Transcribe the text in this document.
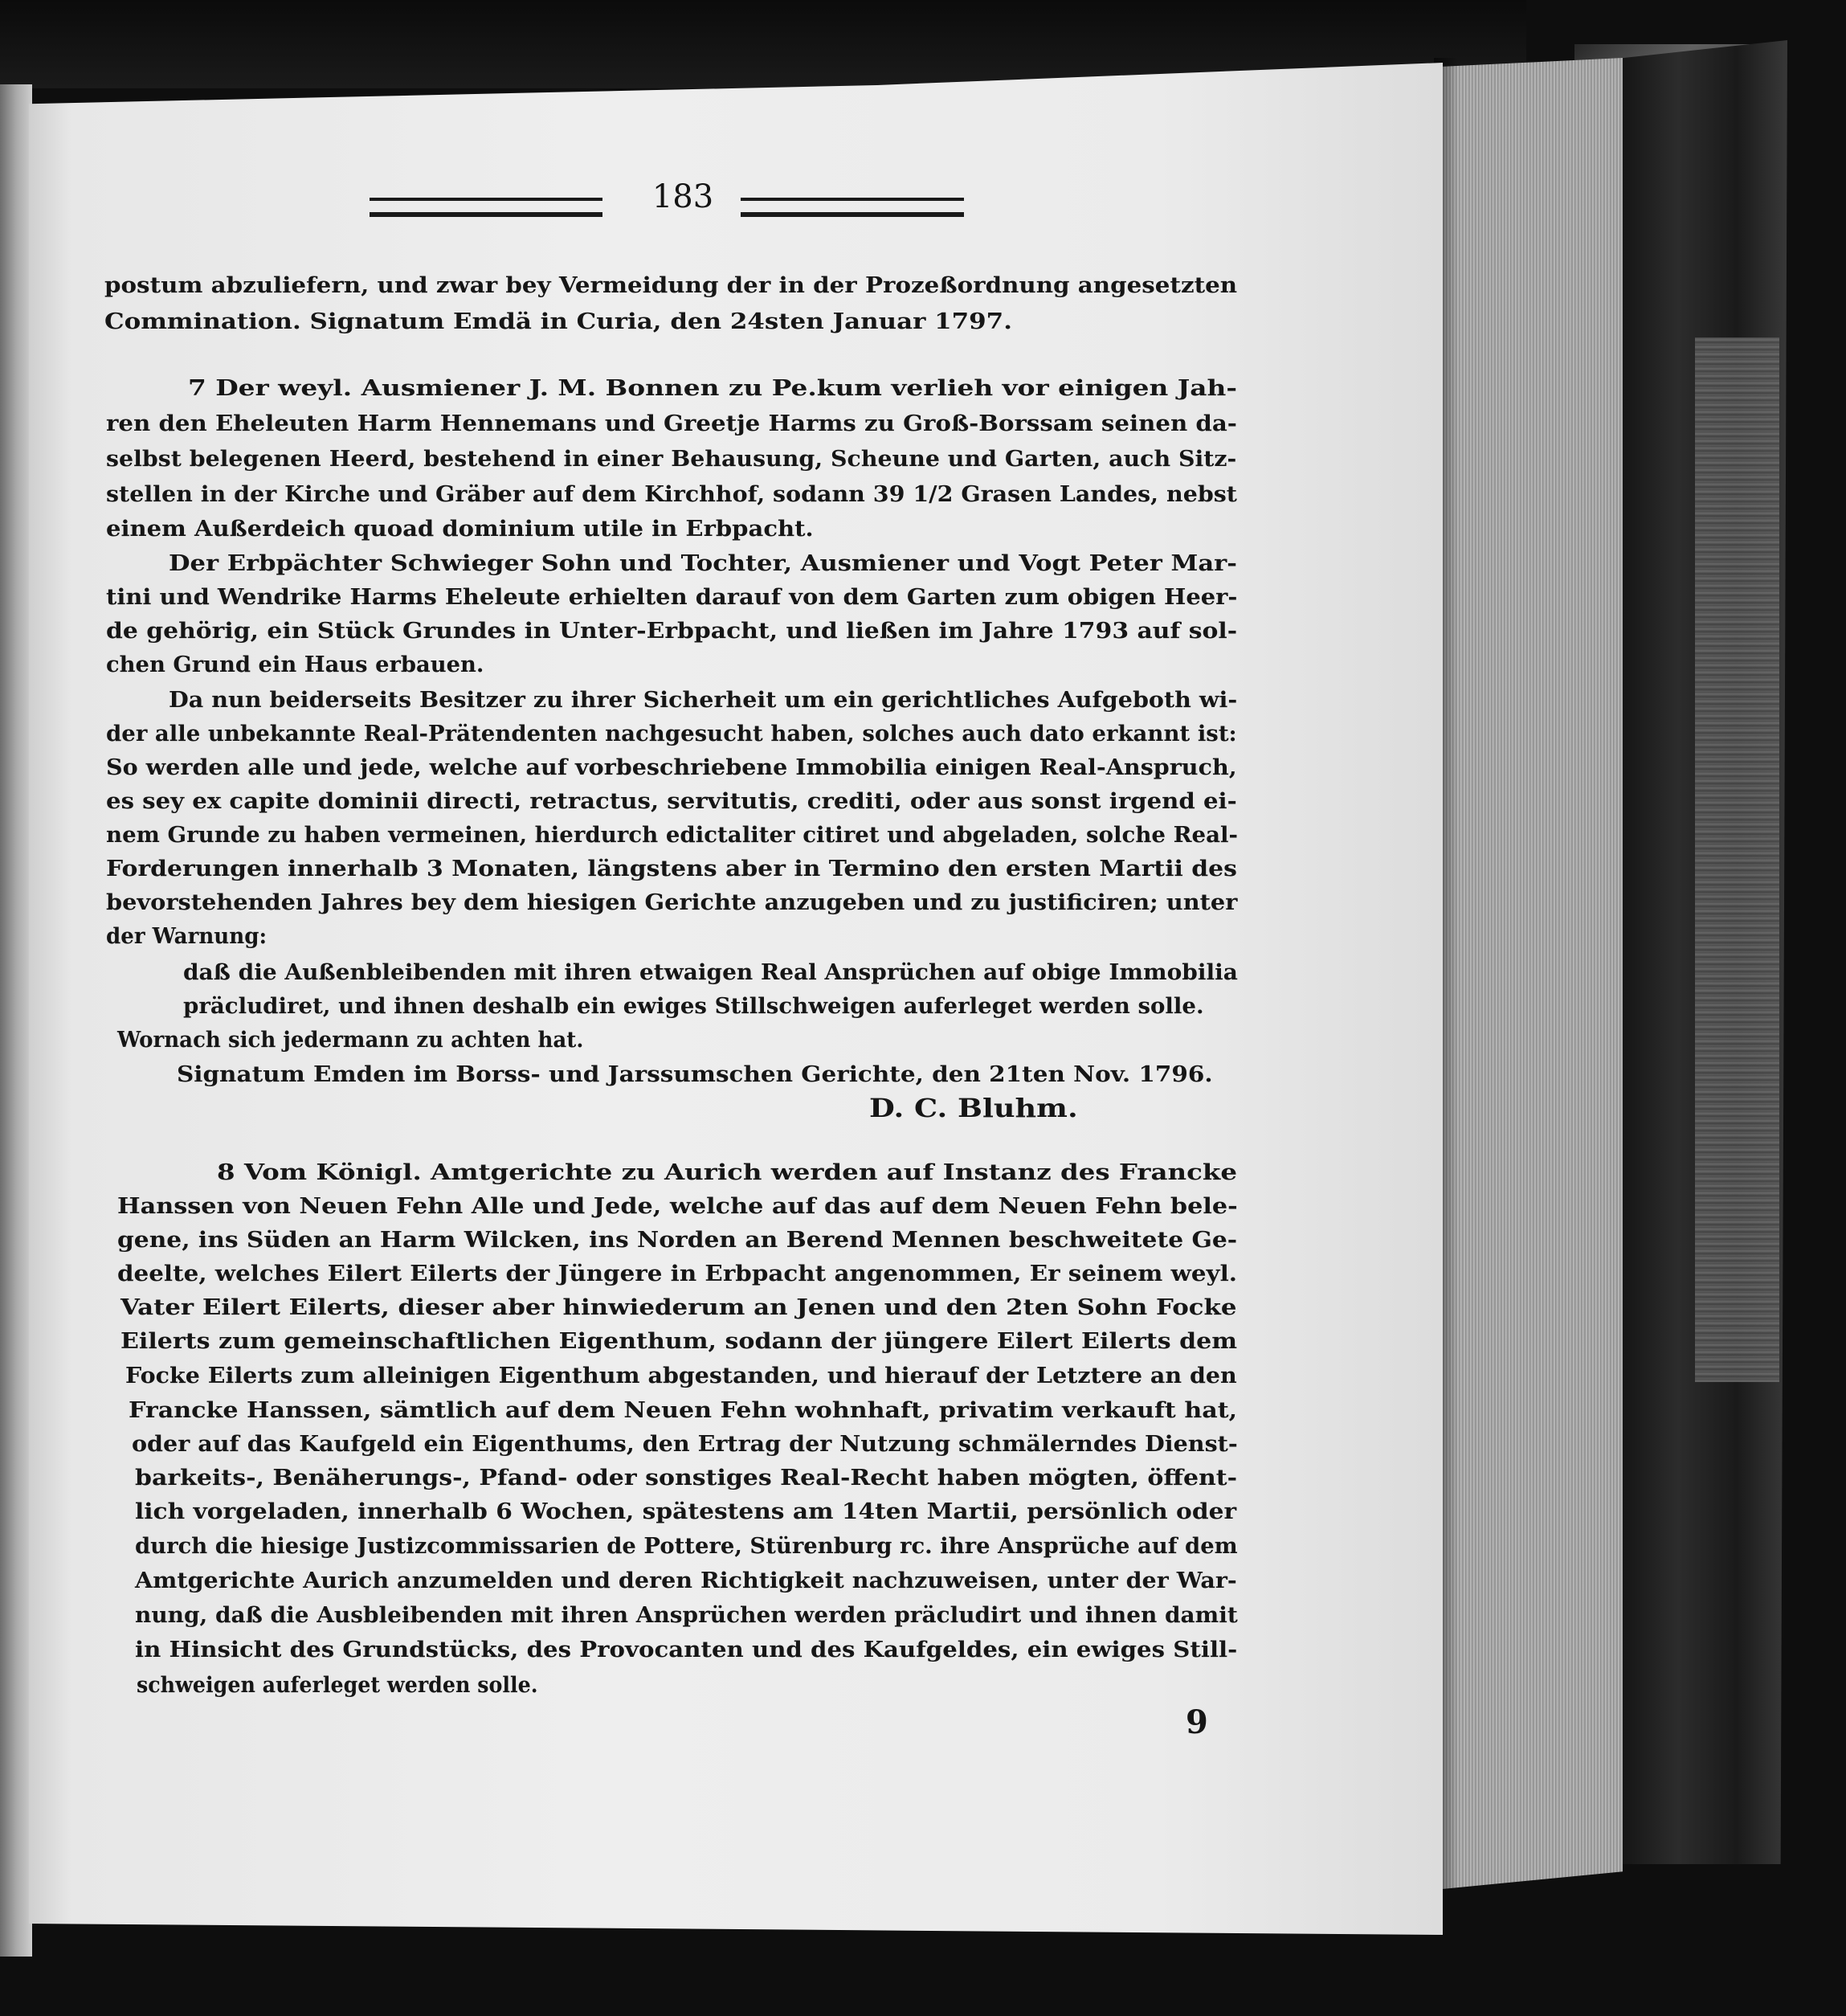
183
postum abzuliefern, und zwar bey Vermeidung der in der Prozeßordnung angesetzten
Commination. Signatum Emdä in Curia, den 24sten Januar 1797.
7 Der weyl. Ausmiener J. M. Bonnen zu Pe.kum verlieh vor einigen Jah-
ren den Eheleuten Harm Hennemans und Greetje Harms zu Groß-Borssam seinen da-
selbst belegenen Heerd, bestehend in einer Behausung, Scheune und Garten, auch Sitz-
stellen in der Kirche und Gräber auf dem Kirchhof, sodann 39 1/2 Grasen Landes, nebst
einem Außerdeich quoad dominium utile in Erbpacht.
Der Erbpächter Schwieger Sohn und Tochter, Ausmiener und Vogt Peter Mar-
tini und Wendrike Harms Eheleute erhielten darauf von dem Garten zum obigen Heer-
de gehörig, ein Stück Grundes in Unter-Erbpacht, und ließen im Jahre 1793 auf sol-
chen Grund ein Haus erbauen.
Da nun beiderseits Besitzer zu ihrer Sicherheit um ein gerichtliches Aufgeboth wi-
der alle unbekannte Real-Prätendenten nachgesucht haben, solches auch dato erkannt ist:
So werden alle und jede, welche auf vorbeschriebene Immobilia einigen Real-Anspruch,
es sey ex capite dominii directi, retractus, servitutis, crediti, oder aus sonst irgend ei-
nem Grunde zu haben vermeinen, hierdurch edictaliter citiret und abgeladen, solche Real-
Forderungen innerhalb 3 Monaten, längstens aber in Termino den ersten Martii des
bevorstehenden Jahres bey dem hiesigen Gerichte anzugeben und zu justificiren; unter
der Warnung:
daß die Außenbleibenden mit ihren etwaigen Real Ansprüchen auf obige Immobilia
präcludiret, und ihnen deshalb ein ewiges Stillschweigen auferleget werden solle.
Wornach sich jedermann zu achten hat.
Signatum Emden im Borss- und Jarssumschen Gerichte, den 21ten Nov. 1796.
D. C. Bluhm.
8 Vom Königl. Amtgerichte zu Aurich werden auf Instanz des Francke
Hanssen von Neuen Fehn Alle und Jede, welche auf das auf dem Neuen Fehn bele-
gene, ins Süden an Harm Wilcken, ins Norden an Berend Mennen beschweitete Ge-
deelte, welches Eilert Eilerts der Jüngere in Erbpacht angenommen, Er seinem weyl.
Vater Eilert Eilerts, dieser aber hinwiederum an Jenen und den 2ten Sohn Focke
Eilerts zum gemeinschaftlichen Eigenthum, sodann der jüngere Eilert Eilerts dem
Focke Eilerts zum alleinigen Eigenthum abgestanden, und hierauf der Letztere an den
Francke Hanssen, sämtlich auf dem Neuen Fehn wohnhaft, privatim verkauft hat,
oder auf das Kaufgeld ein Eigenthums, den Ertrag der Nutzung schmälerndes Dienst-
barkeits-, Benäherungs-, Pfand- oder sonstiges Real-Recht haben mögten, öffent-
lich vorgeladen, innerhalb 6 Wochen, spätestens am 14ten Martii, persönlich oder
durch die hiesige Justizcommissarien de Pottere, Stürenburg rc. ihre Ansprüche auf dem
Amtgerichte Aurich anzumelden und deren Richtigkeit nachzuweisen, unter der War-
nung, daß die Ausbleibenden mit ihren Ansprüchen werden präcludirt und ihnen damit
in Hinsicht des Grundstücks, des Provocanten und des Kaufgeldes, ein ewiges Still-
schweigen auferleget werden solle.
9
